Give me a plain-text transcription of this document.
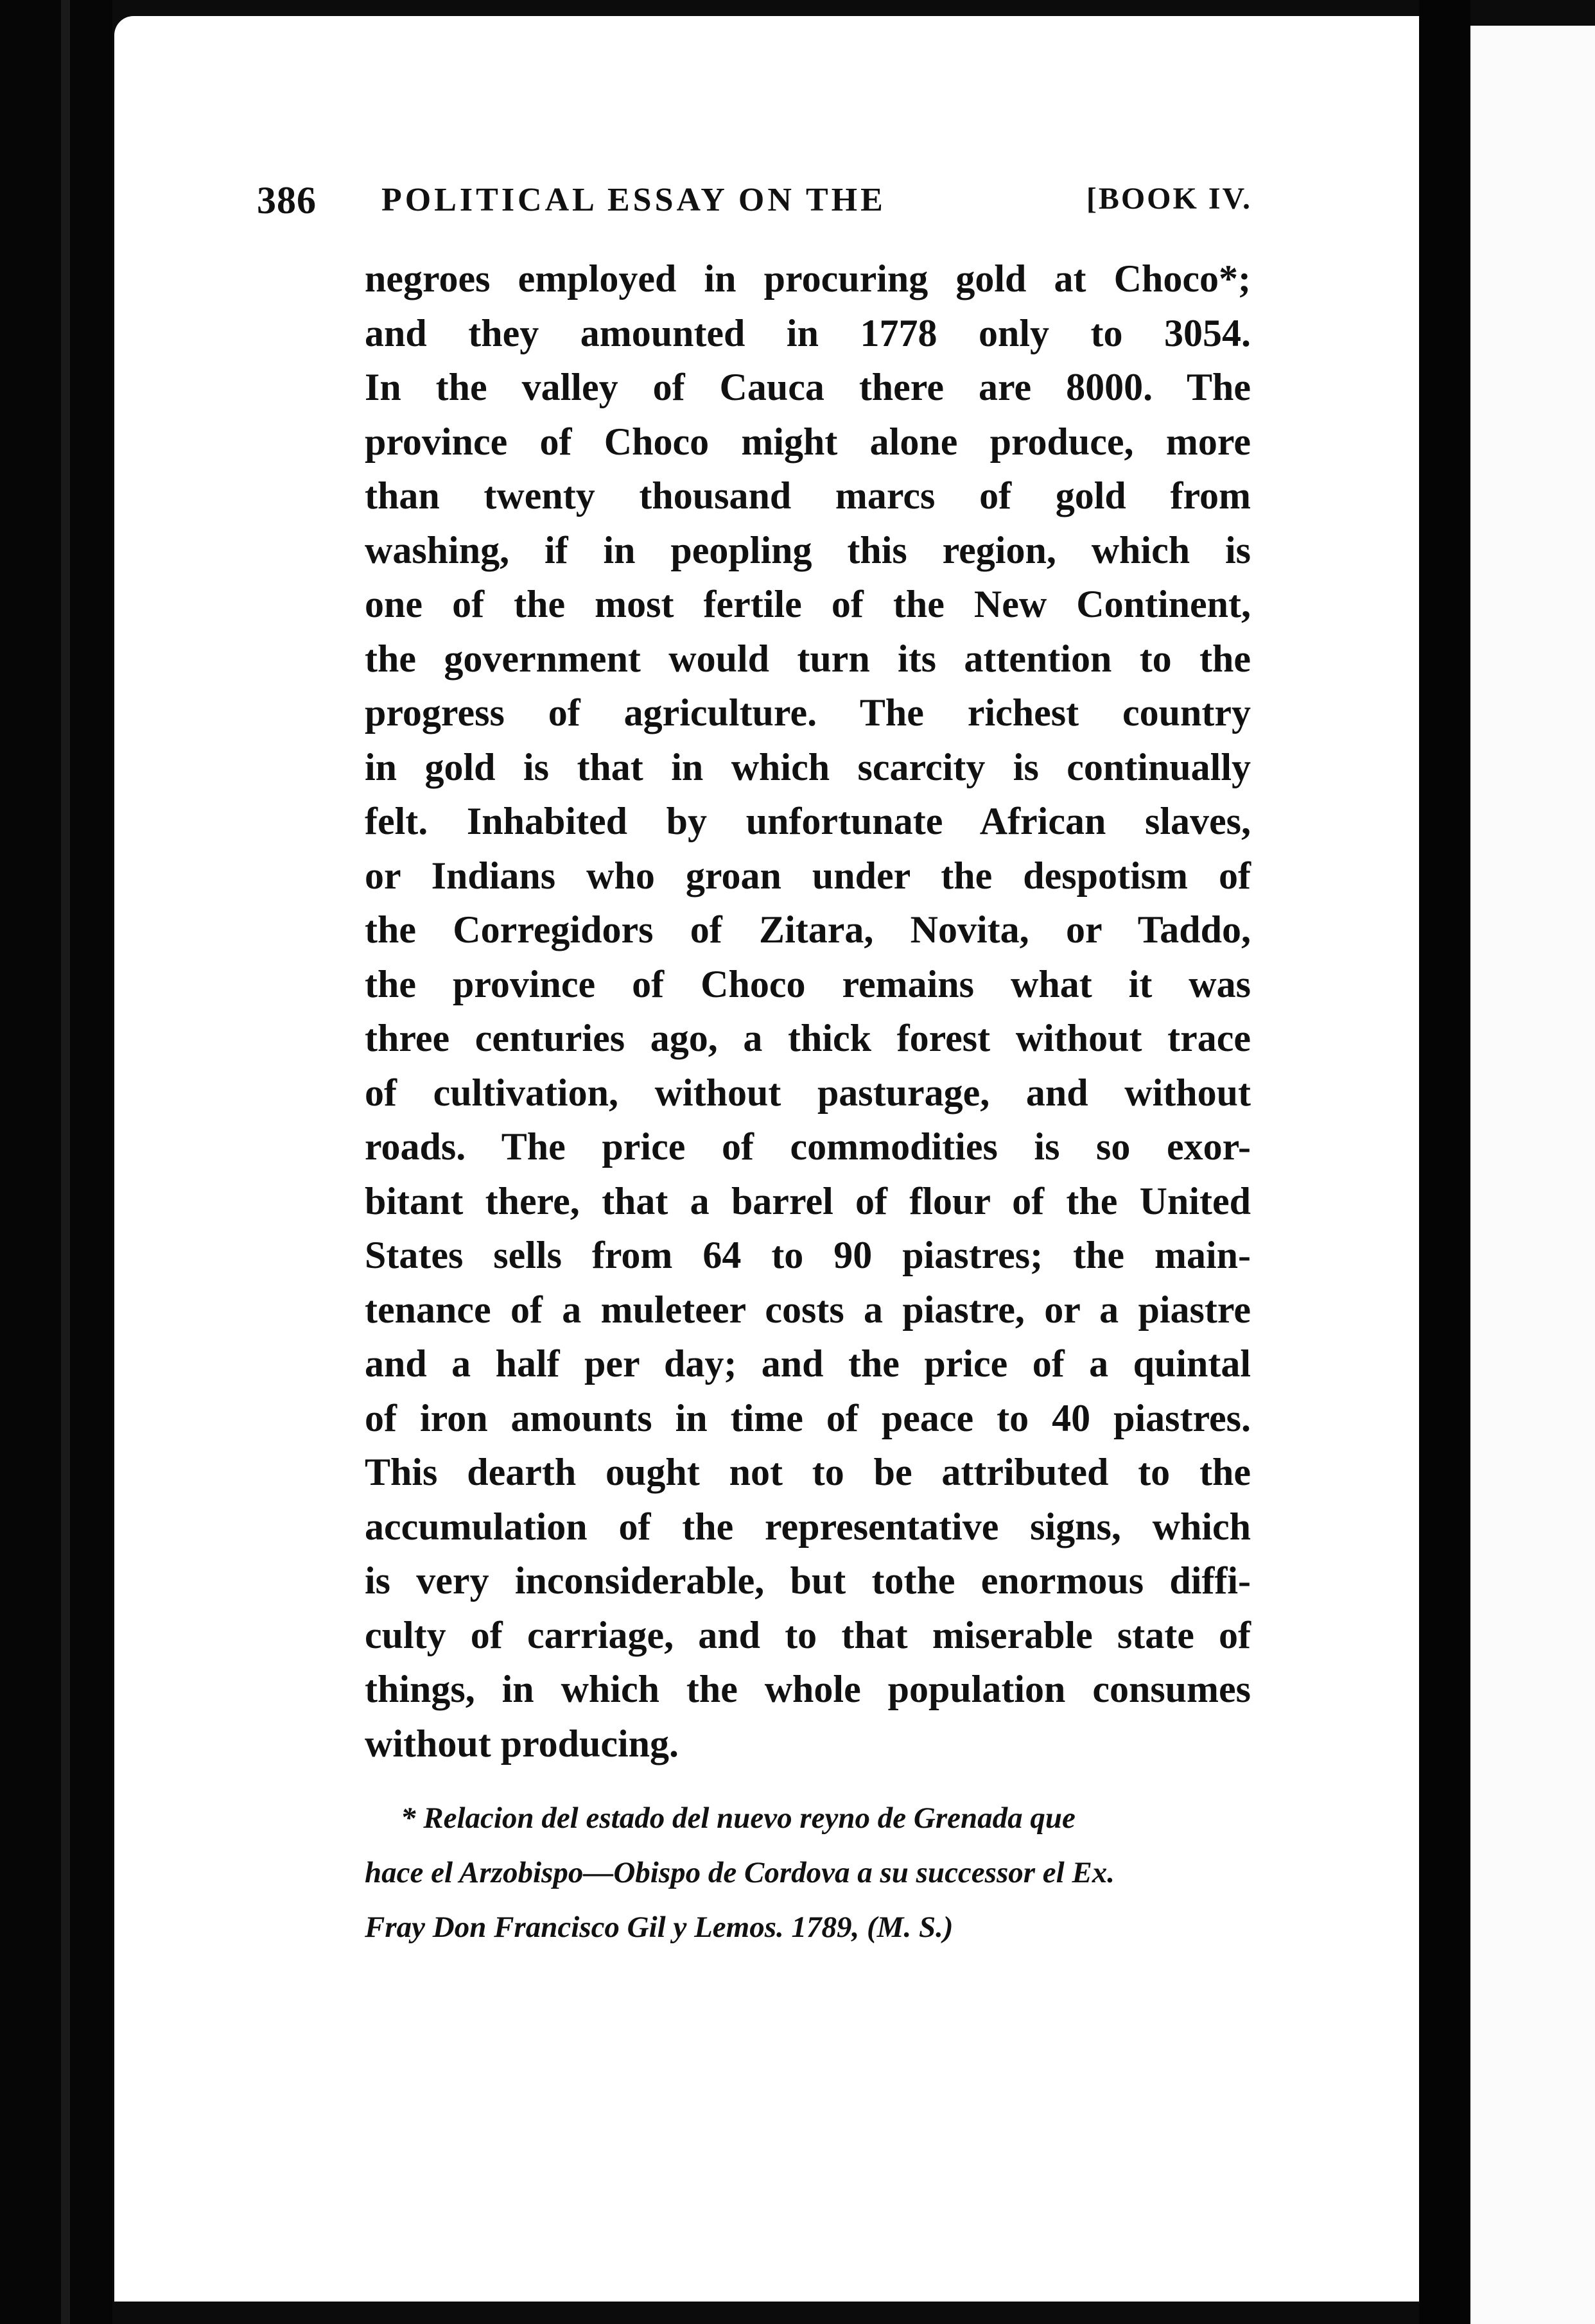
386 POLITICAL ESSAY ON THE	[BOOK IV.
negroes employed in procuring gold at Choco*;
and they amounted in 1778 only to 3054.
In the valley of Cauca there are 8000. The
province of Choco might alone produce, more
than twenty thousand marcs of gold from
washing, if in peopling this region, which is
one of the most fertile of the New Continent,
the government would turn its attention to the
progress of agriculture. The richest country
in gold is that in which scarcity is continually
felt. Inhabited by unfortunate African slaves,
or Indians who groan under the despotism of
the Corregidors of Zitara, Novita, or Taddo,
the province of Choco remains what it was
three centuries ago, a thick forest without trace
of cultivation, without pasturage, and without
roads. The price of commodities is so exor-
bitant there, that a barrel of flour of the United
States sells from 64 to 90 piastres; the main-
tenance of a muleteer costs a piastre, or a piastre
and a half per day; and the price of a quintal
of iron amounts in time of peace to 40 piastres.
This dearth ought not to be attributed to the
accumulation of the representative signs, which
is very inconsiderable, but tothe enormous diffi-
culty of carriage, and to that miserable state of
things, in which the whole population consumes
without producing.
* Relacion del estado del nuevo reyno de Grenada que
hace el Arzobispo—Obispo de Cordova a su successor el Ex.
Fray Don Francisco Gil y Lemos. 1789, (M. S.)
